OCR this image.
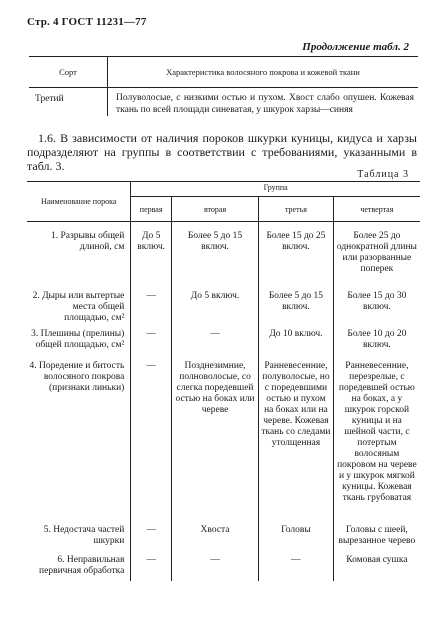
Стр. 4 ГОСТ 11231—77
Продолжение табл. 2
Сорт	Характеристика волосяного покрова и кожевой ткани
Третий	Полуволосые, с низкими остью и пухом. Хвост слабо опушен. Кожевая ткань по всей площади синеватая, у шкурок харзы—синяя
1.6. В зависимости от наличия пороков шкурки куницы, кидуса и харзы подразделяют на группы в соответствии с требованиями, указанными в табл. 3.
Таблица 3
Наименование порока	Группа			
	первая	вторая	третья	четвертая
1. Разрывы общей длиной, см	До 5 включ.	Более 5 до 15 включ.	Более 15 до 25 включ.	Более 25 до однократной длины или разорванные поперек
2. Дыры или вытертые места общей площадью, см²	—	До 5 включ.	Более 5 до 15 включ.	Более 15 до 30 включ.
3. Плешины (прелины) общей площадью, см²	—	—	До 10 включ.	Более 10 до 20 включ.
4. Поредение и битость волосяного покрова (признаки линьки)	—	Позднезимние, полноволосые, со слегка поредевшей остью на боках или череве	Ранневесенние, полуволосые, но с поредевшими остью и пухом на боках или на череве. Кожевая ткань со следами утолщенная	Ранневесенние, перезрелые, с поредевшей остью на боках, а у шкурок горской куницы и на шейной части, с потертым волосяным покровом на череве и у шкурок мягкой куницы. Кожевая ткань грубоватая
5. Недостача частей шкурки	—	Хвоста	Головы	Головы с шеей, вырезанное черево
6. Неправильная первичная обработка	—	—	—	Комовая сушка
